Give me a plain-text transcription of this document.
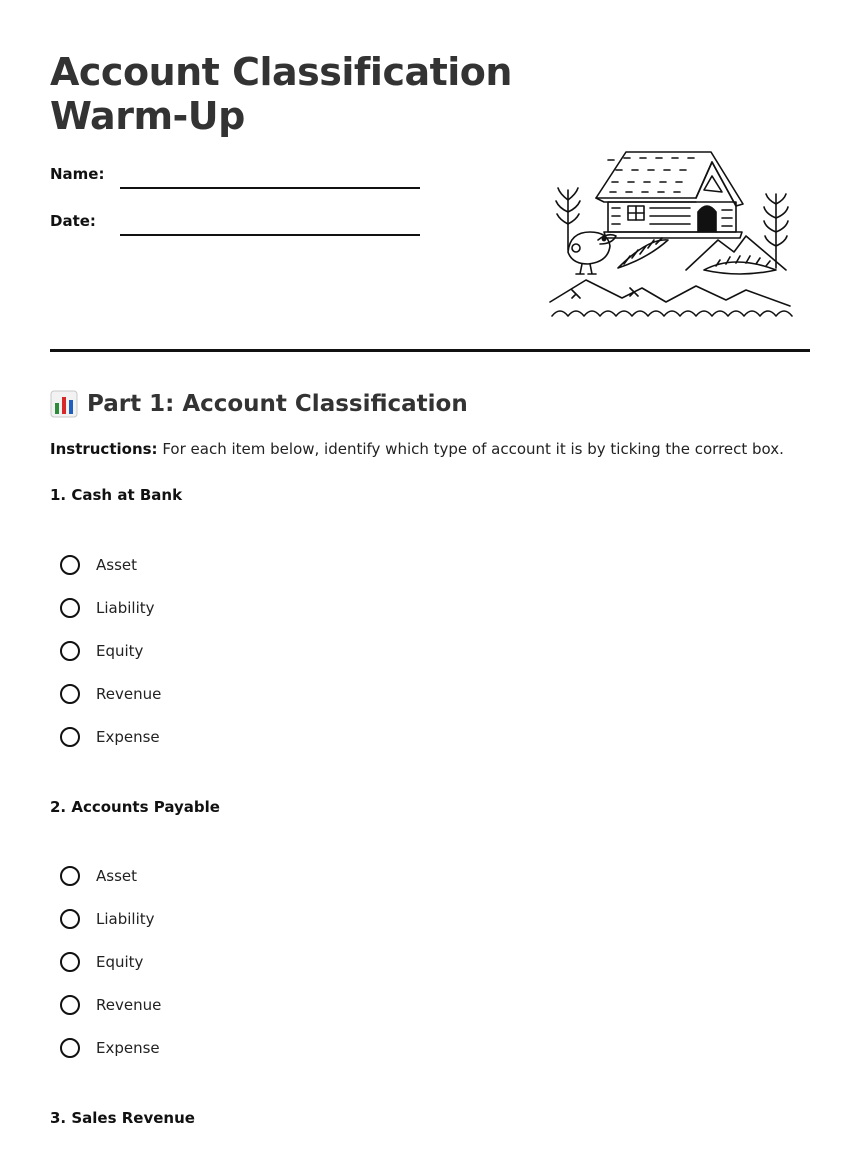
Account Classification Warm-Up
Name:
Date:
Part 1: Account Classification
Instructions: For each item below, identify which type of account it is by ticking the correct box.
1. Cash at Bank
Asset
Liability
Equity
Revenue
Expense
2. Accounts Payable
Asset
Liability
Equity
Revenue
Expense
3. Sales Revenue
